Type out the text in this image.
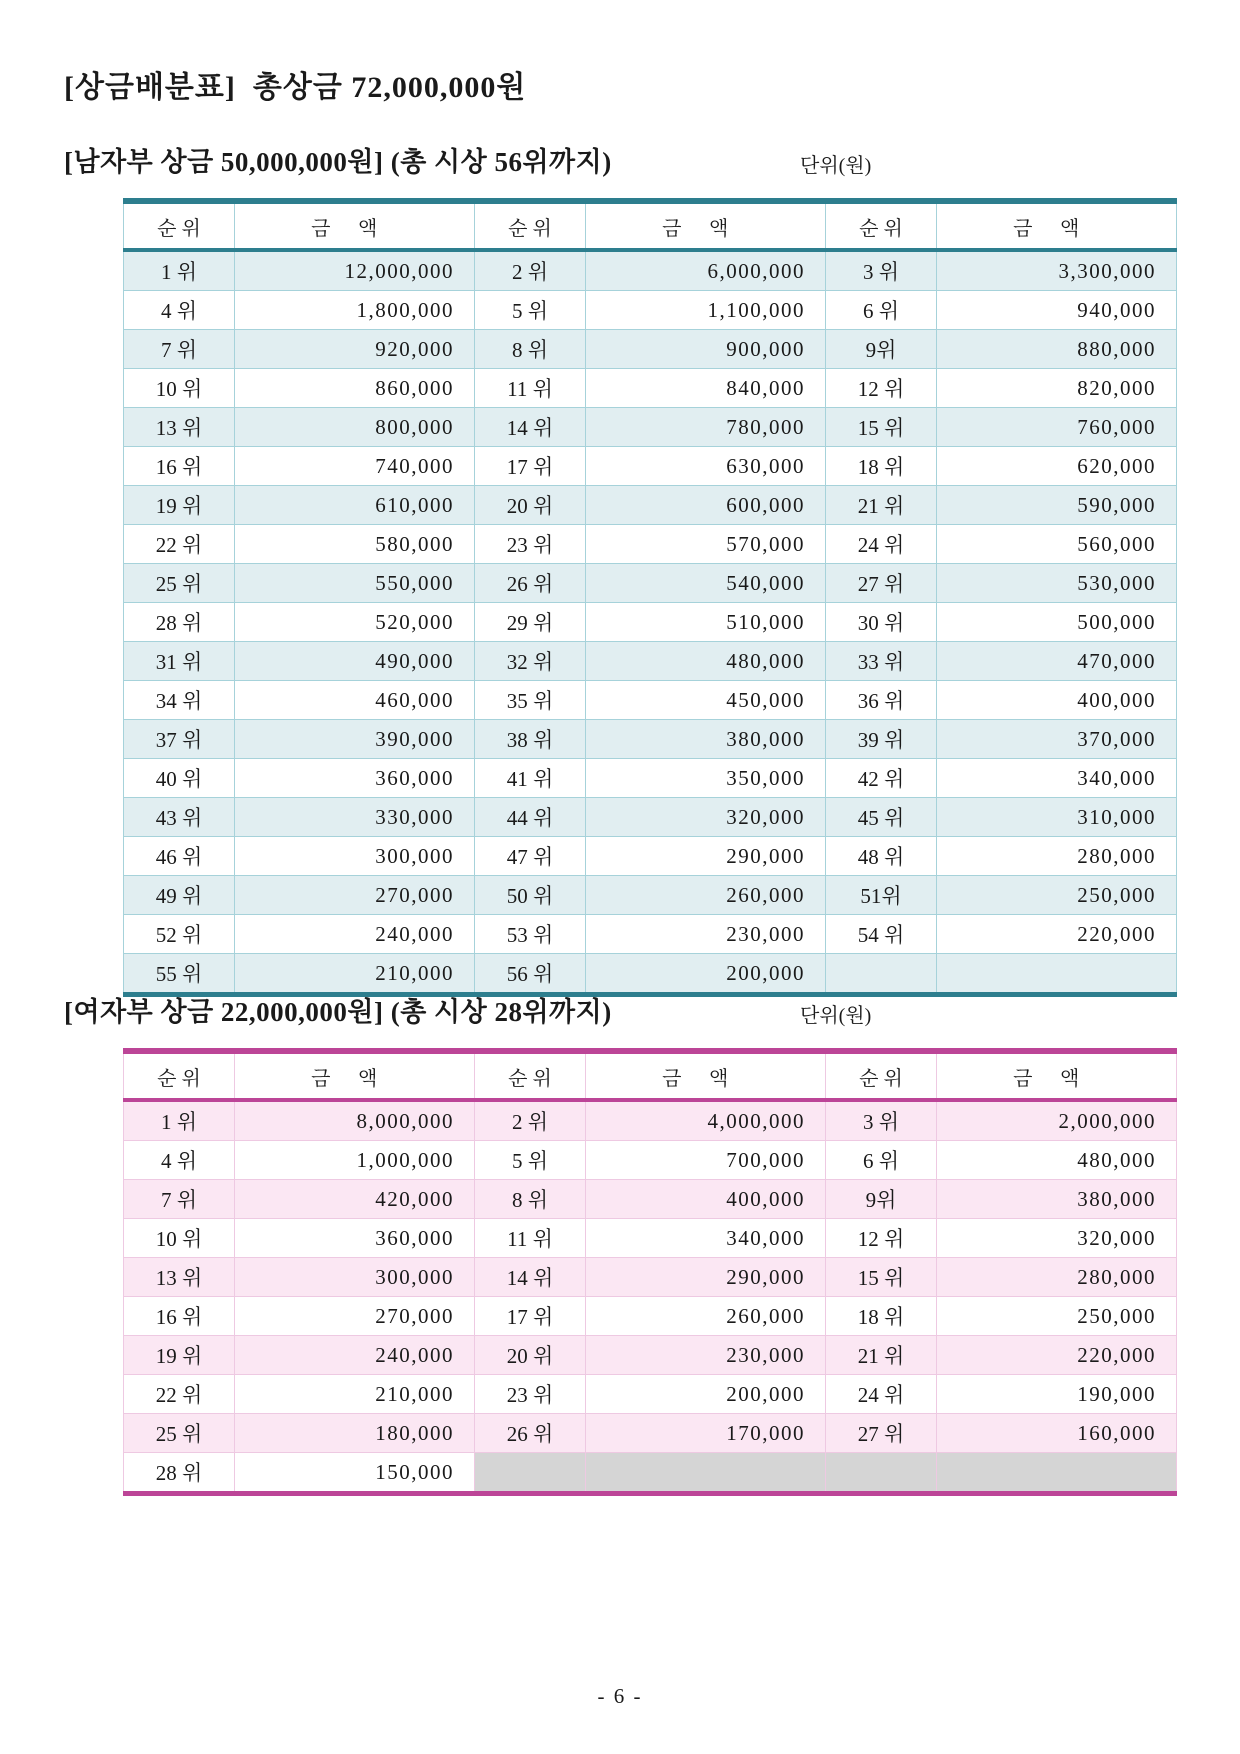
[상금배분표]  총상금 72,000,000원
[남자부 상금 50,000,000원] (총 시상 56위까지)	단위(원)
순 위	금    액	순 위	금    액	순 위	금    액
1 위	12,000,000	2 위	6,000,000	3 위	3,300,000
4 위	1,800,000	5 위	1,100,000	6 위	940,000
7 위	920,000	8 위	900,000	9위	880,000
10 위	860,000	11 위	840,000	12 위	820,000
13 위	800,000	14 위	780,000	15 위	760,000
16 위	740,000	17 위	630,000	18 위	620,000
19 위	610,000	20 위	600,000	21 위	590,000
22 위	580,000	23 위	570,000	24 위	560,000
25 위	550,000	26 위	540,000	27 위	530,000
28 위	520,000	29 위	510,000	30 위	500,000
31 위	490,000	32 위	480,000	33 위	470,000
34 위	460,000	35 위	450,000	36 위	400,000
37 위	390,000	38 위	380,000	39 위	370,000
40 위	360,000	41 위	350,000	42 위	340,000
43 위	330,000	44 위	320,000	45 위	310,000
46 위	300,000	47 위	290,000	48 위	280,000
49 위	270,000	50 위	260,000	51위	250,000
52 위	240,000	53 위	230,000	54 위	220,000
55 위	210,000	56 위	200,000		
[여자부 상금 22,000,000원] (총 시상 28위까지)	단위(원)
순 위	금    액	순 위	금    액	순 위	금    액
1 위	8,000,000	2 위	4,000,000	3 위	2,000,000
4 위	1,000,000	5 위	700,000	6 위	480,000
7 위	420,000	8 위	400,000	9위	380,000
10 위	360,000	11 위	340,000	12 위	320,000
13 위	300,000	14 위	290,000	15 위	280,000
16 위	270,000	17 위	260,000	18 위	250,000
19 위	240,000	20 위	230,000	21 위	220,000
22 위	210,000	23 위	200,000	24 위	190,000
25 위	180,000	26 위	170,000	27 위	160,000
28 위	150,000				
- 6 -
